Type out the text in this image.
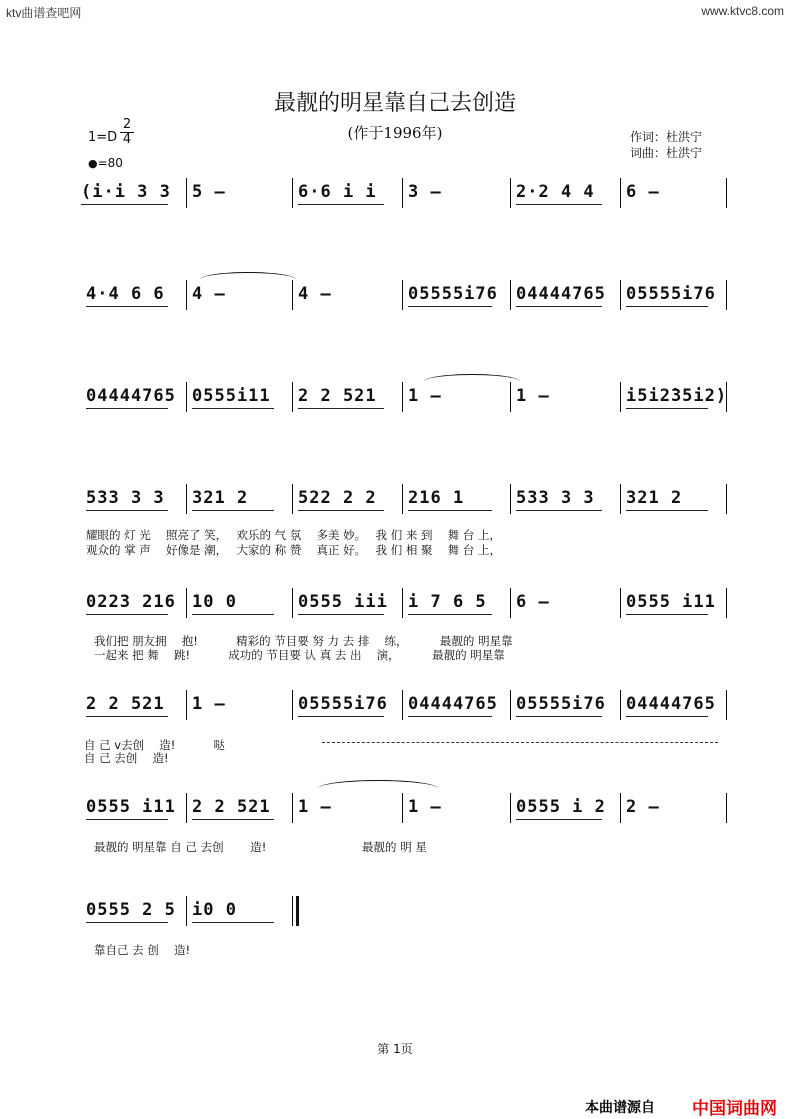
ktv曲谱查吧网	www.ktvc8.com
最靓的明星靠自己去创造
(作于1996年)
1=D
2
4
●=80
作词：杜洪宁
词曲：杜洪宁
(i·i 3 3 5 –	6·6 i i 3 –	2·2 4 4 6 –
4·4 6 6 4 –	4 –	05555i76 04444765 05555i76
04444765 0555i11 2 2 521 1 –	1 –	i5i2̇35i2̇)
533 3 3 321 2	522 2 2 216 1	533 3 3 321 2
0223 216 10 0	0555 iii i 7 6 5 6 –	0555 i11
2 2 521 1 –	05555i76 04444765 05555i76 04444765
0555 i11 2 2 521 1 –	1 –	0555 i 2 2 –
0555 2 5 i0 0
耀眼的 灯 光　 照亮了 笑，　 欢乐的 气 氛　 多美 妙。　 我 们 来 到　 舞 台 上，
观众的 掌 声　 好像是 潮，　 大家的 称 赞　 真正 好。　 我 们 相 聚　 舞 台 上，
我们把 朋友拥　 抱!　　　 精彩的 节目要 努 力 去 排　 练，　　　 最靓的 明星靠
一起来 把 舞　 跳!　　　 成功的 节目要 认 真 去 出　 演，　　　 最靓的 明星靠
自 己 v去创　 造!　　　 哒
自 己 去创　 造!
最靓的 明星靠 自 己 去创　　 造!　　　　　　　　 最靓的 明 星
靠自己 去 创　 造!
第 1页
本曲谱源自 中国词曲网
